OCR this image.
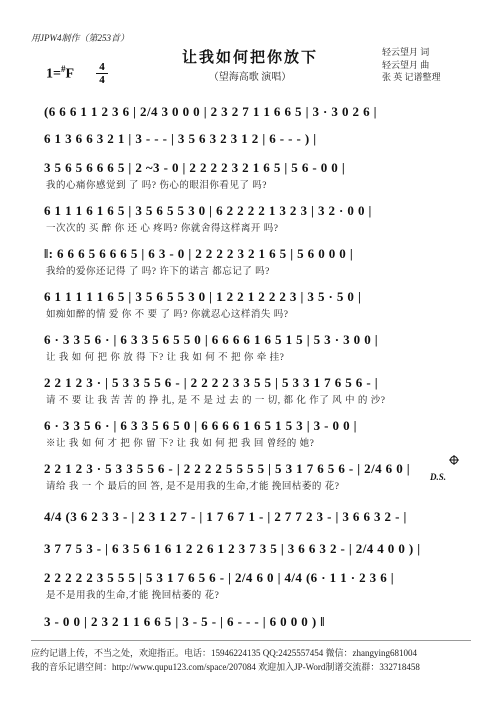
用JPW4制作（第253首）
让我如何把你放下
（望海高歌 演唱）
1=#F 4
4
轻云望月 词
轻云望月 曲
张 英 记谱整理
(6 6 6 1 1 2 3 6 | 2/4 3 0 0 0 | 2 3 2 7 1 1 6 6 5 | 3 · 3 0 2 6 |
6 1 3 6 6 3 2 1 | 3 - - - | 3 5 6 3 2 3 1 2 | 6 - - - ) |
3 5 6 5 6 6 6 5 | 2 ~3 - 0 | 2 2 2 2 3 2 1 6 5 | 5 6 - 0 0 |
我的心痛你感觉到 了 吗? 伤心的眼泪你看见了 吗?
6 1 1 1 6 1 6 5 | 3 5 6 5 5 3 0 | 6 2 2 2 2 1 3 2 3 | 3 2 · 0 0 |
一次次的 买 醉 你 还 心 疼吗? 你就舍得这样离开 吗?
‖: 6 6 6 5 6 6 6 5 | 6 3 - 0 | 2 2 2 2 3 2 1 6 5 | 5 6 0 0 0 |
我给的爱你还记得 了 吗? 许下的诺言 都忘记了 吗?
6 1 1 1 1 1 6 5 | 3 5 6 5 5 3 0 | 1 2 2 1 2 2 2 3 | 3 5 · 5 0 |
如痴如醉的情 爱 你 不 要 了 吗? 你就忍心这样消失 吗?
6 · 3 3 5 6 · | 6 3 3 5 6 5 5 0 | 6 6 6 6 1 6 5 1 5 | 5 3 · 3 0 0 |
让 我 如 何 把 你 放 得 下? 让 我 如 何 不 把 你 牵 挂?
2 2 1 2 3 · | 5 3 3 5 5 6 - | 2 2 2 2 3 3 5 5 | 5 3 3 1 7 6 5 6 - |
请 不 要 让 我 苦 苦 的 挣 扎, 是 不 是 过 去 的 一 切, 都 化 作了 风 中 的 沙?
6 · 3 3 5 6 · | 6 3 3 5 6 5 0 | 6 6 6 6 1 6 5 1 5 3 | 3 - 0 0 |
※让 我 如 何 才 把 你 留 下? 让 我 如 何 把 我 回 曾经的 她?
2 2 1 2 3 · 5 3 3 5 5 6 - | 2 2 2 2 5 5 5 5 | 5 3 1 7 6 5 6 - | 2/4 6 0 |
请给 我 一 个 最后的回 答, 是不是用我的生命,才能 挽回枯萎的 花?
4/4 (3 6 2 3 3 - | 2 3 1 2 7 - | 1 7 6 7 1 - | 2 7 7 2 3 - | 3 6 6 3 2 - |
3 7 7 5 3 - | 6 3 5 6 1 6 1 2 2 6 1 2 3 7 3 5 | 3 6 6 3 2 - | 2/4 4 0 0 ) |
2 2 2 2 2 3 5 5 5 | 5 3 1 7 6 5 6 - | 2/4 6 0 | 4/4 (6 · 1 1 · 2 3 6 |
是不是用我的生命,才能 挽回枯萎的 花?
3 - 0 0 | 2 3 2 1 1 6 6 5 | 3 - 5 - | 6 - - - | 6 0 0 0 ) ‖
D.S.
应约记谱上传，不当之处，欢迎指正。电话：15946224135 QQ:2425557454 微信：zhangying681004
我的音乐记谱空间：http://www.qupu123.com/space/207084 欢迎加入JP-Word制谱交流群：332718458
